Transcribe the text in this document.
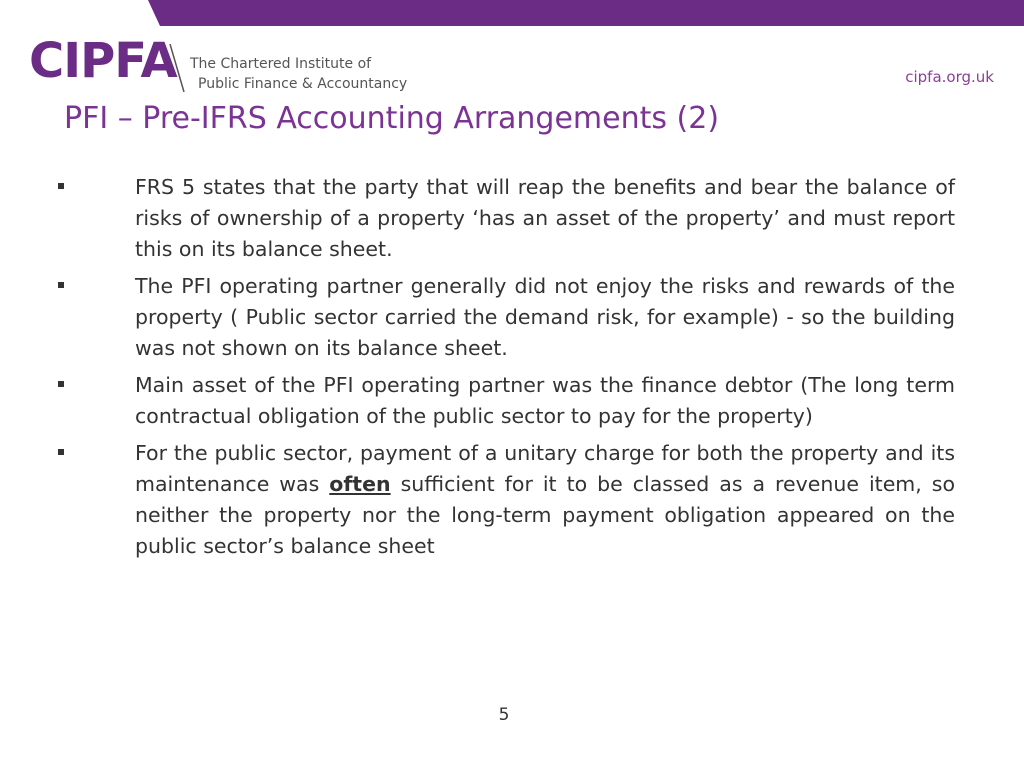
CIPFA The Chartered Institute of
Public Finance & Accountancy	cipfa.org.uk
PFI – Pre-IFRS Accounting Arrangements (2)
FRS 5 states that the party that will reap the benefits and bear the balance of risks of ownership of a property ‘has an asset of the property’ and must report this on its balance sheet.
The PFI operating partner generally did not enjoy the risks and rewards of the property ( Public sector carried the demand risk, for example) - so the building was not shown on its balance sheet.
Main asset of the PFI operating partner was the finance debtor (The long term contractual obligation of the public sector to pay for the property)
For the public sector, payment of a unitary charge for both the property and its maintenance was often sufficient for it to be classed as a revenue item, so neither the property nor the long-term payment obligation appeared on the public sector’s balance sheet
5
